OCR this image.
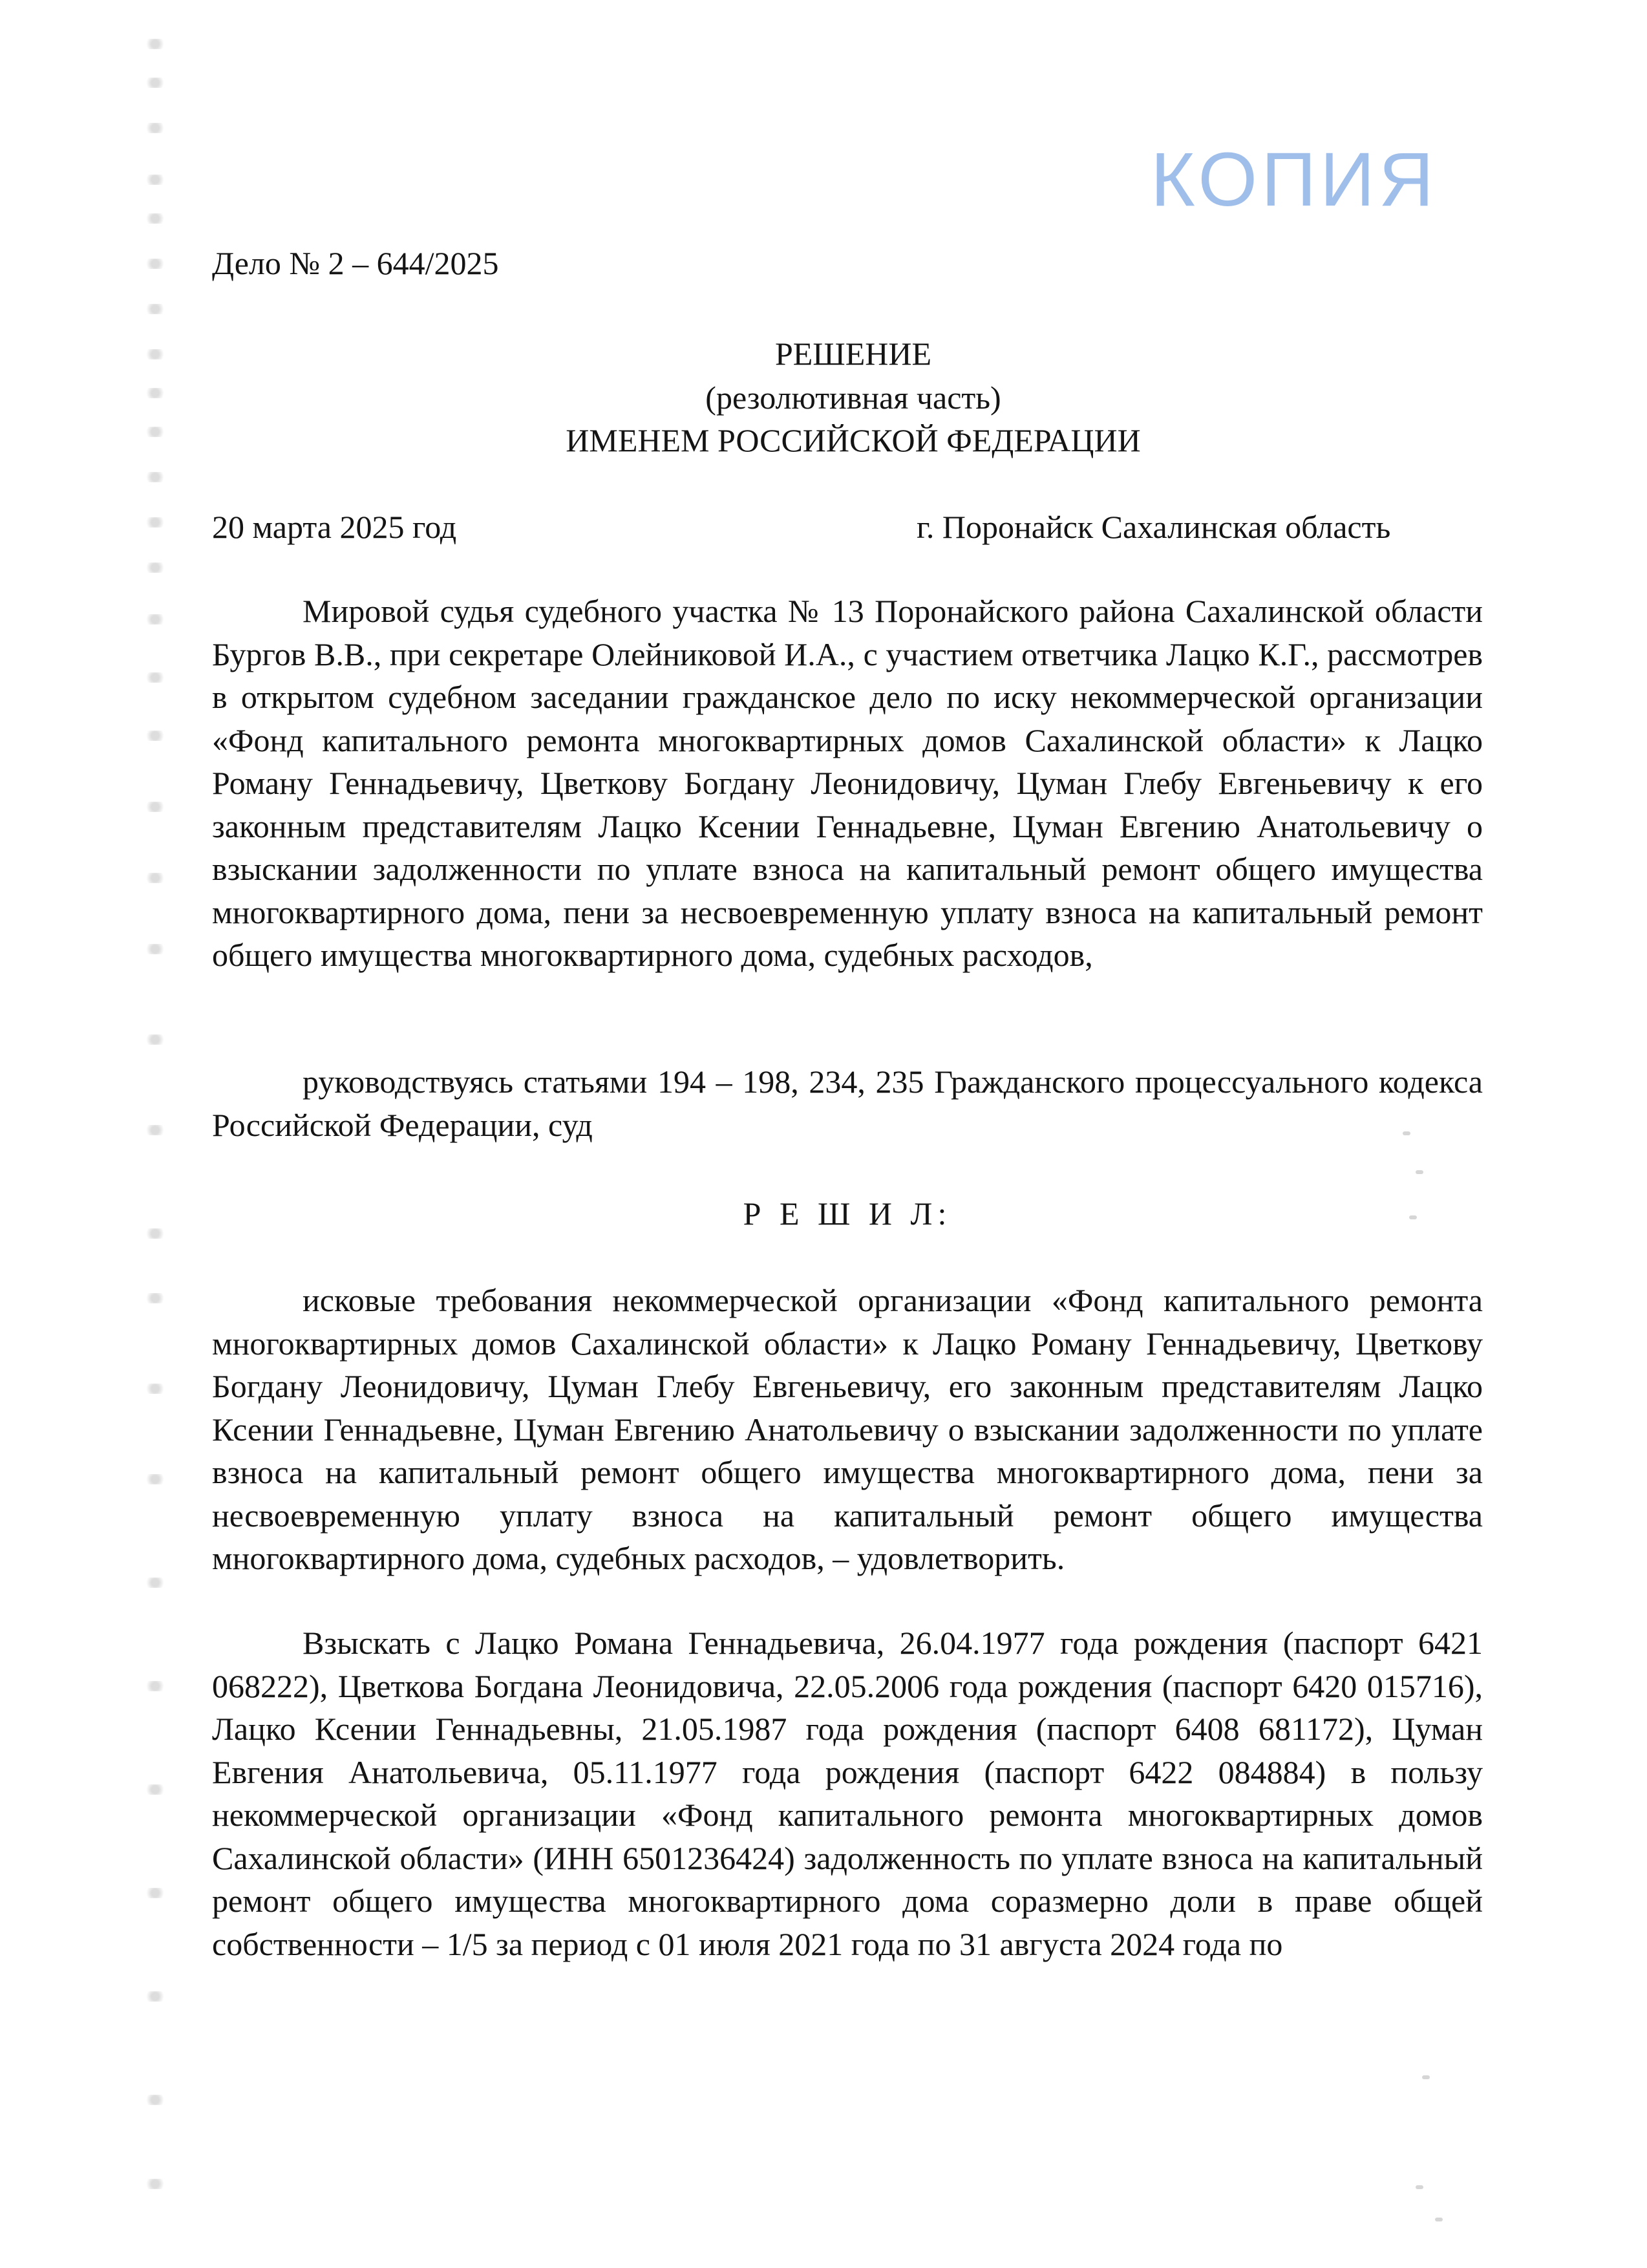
КОПИЯ
Дело № 2 – 644/2025
РЕШЕНИЕ
(резолютивная часть)
ИМЕНЕМ РОССИЙСКОЙ ФЕДЕРАЦИИ
20 марта 2025 год	г. Поронайск Сахалинская область

Мировой судья судебного участка № 13 Поронайского района Сахалинской области Бургов В.В., при секретаре Олейниковой И.А., с участием ответчика Лацко К.Г., рассмотрев в открытом судебном заседании гражданское дело по иску некоммерческой организации «Фонд капитального ремонта многоквартирных домов Сахалинской области» к Лацко Роману Геннадьевичу, Цветкову Богдану Леонидовичу, Цуман Глебу Евгеньевичу к его законным представителям Лацко Ксении Геннадьевне, Цуман Евгению Анатольевичу о взыскании задолженности по уплате взноса на капитальный ремонт общего имущества многоквартирного дома, пени за несвоевременную уплату взноса на капитальный ремонт общего имущества многоквартирного дома, судебных расходов,

руководствуясь статьями 194 – 198, 234, 235 Гражданского процессуального кодекса Российской Федерации, суд

Р Е Ш И Л:

исковые требования некоммерческой организации «Фонд капитального ремонта многоквартирных домов Сахалинской области» к Лацко Роману Геннадьевичу, Цветкову Богдану Леонидовичу, Цуман Глебу Евгеньевичу, его законным представителям Лацко Ксении Геннадьевне, Цуман Евгению Анатольевичу о взыскании задолженности по уплате взноса на капитальный ремонт общего имущества многоквартирного дома, пени за несвоевременную уплату взноса на капитальный ремонт общего имущества многоквартирного дома, судебных расходов, – удовлетворить.

Взыскать с Лацко Романа Геннадьевича, 26.04.1977 года рождения (паспорт 6421 068222), Цветкова Богдана Леонидовича, 22.05.2006 года рождения (паспорт 6420 015716), Лацко Ксении Геннадьевны, 21.05.1987 года рождения (паспорт 6408 681172), Цуман Евгения Анатольевича, 05.11.1977 года рождения (паспорт 6422 084884) в пользу некоммерческой организации «Фонд капитального ремонта многоквартирных домов Сахалинской области» (ИНН 6501236424) задолженность по уплате взноса на капитальный ремонт общего имущества многоквартирного дома соразмерно доли в праве общей собственности – 1/5 за период с 01 июля 2021 года по 31 августа 2024 года по
